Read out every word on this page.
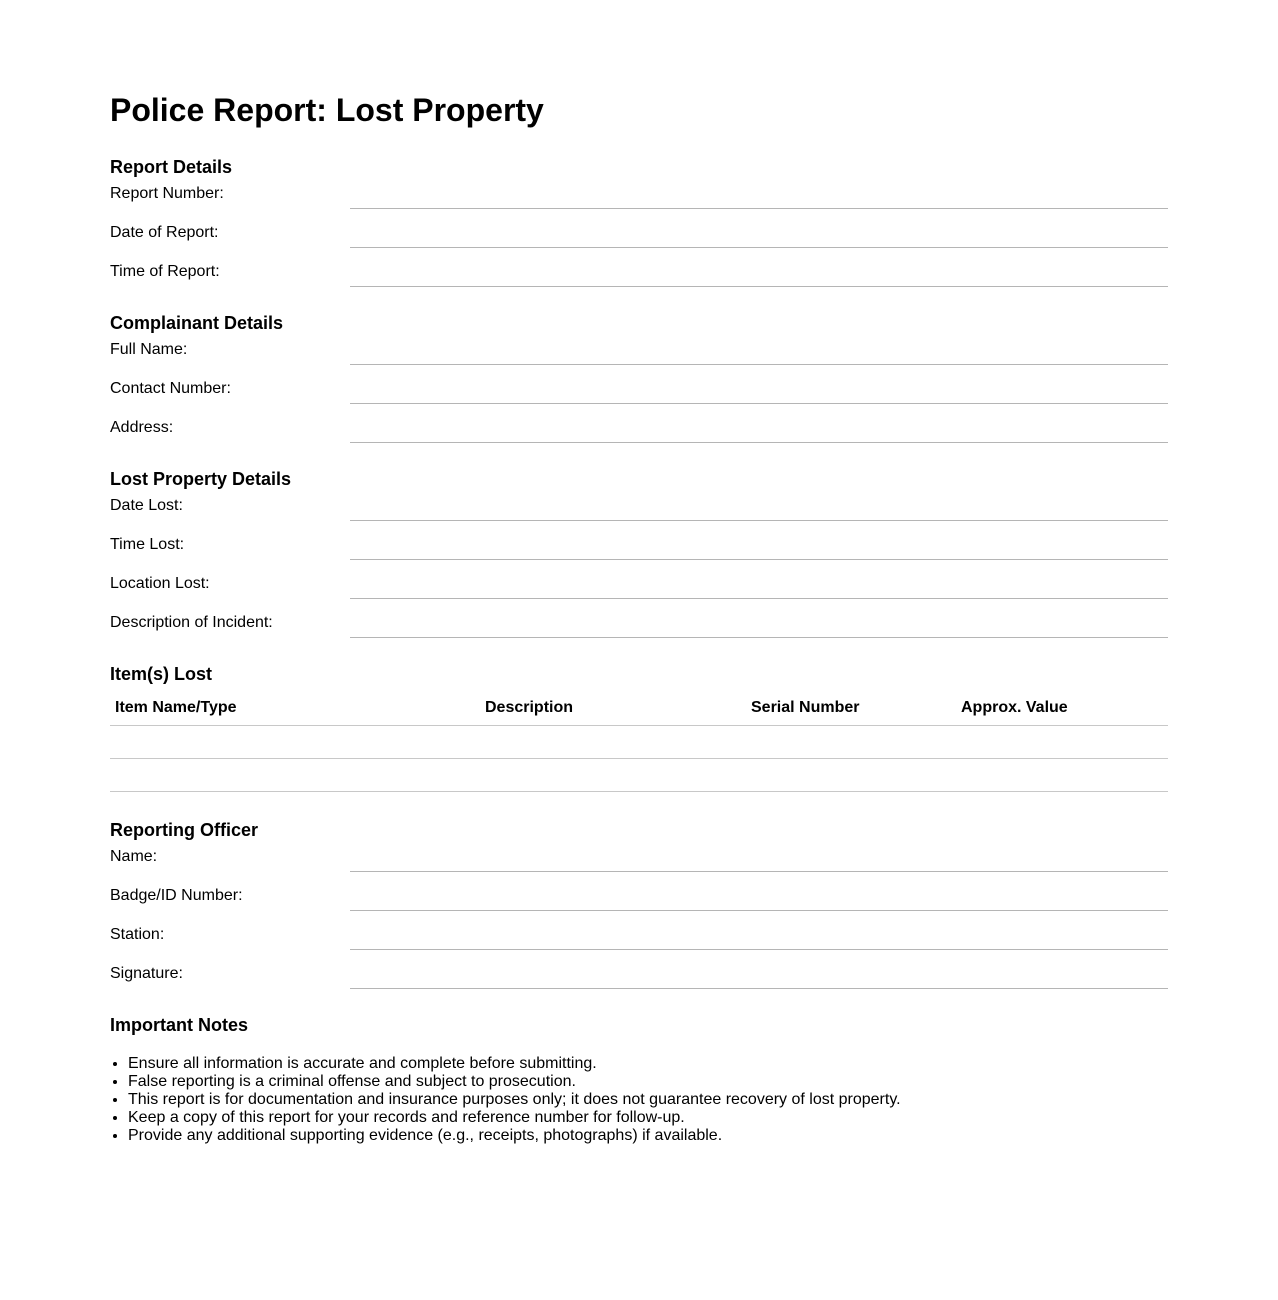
Police Report: Lost Property
Report Details
Report Number:
Date of Report:
Time of Report:
Complainant Details
Full Name:
Contact Number:
Address:
Lost Property Details
Date Lost:
Time Lost:
Location Lost:
Description of Incident:
Item(s) Lost
Item Name/Type	Description	Serial Number	Approx. Value
Reporting Officer
Name:
Badge/ID Number:
Station:
Signature:
Important Notes
• Ensure all information is accurate and complete before submitting.
• False reporting is a criminal offense and subject to prosecution.
• This report is for documentation and insurance purposes only; it does not guarantee recovery of lost property.
• Keep a copy of this report for your records and reference number for follow-up.
• Provide any additional supporting evidence (e.g., receipts, photographs) if available.
